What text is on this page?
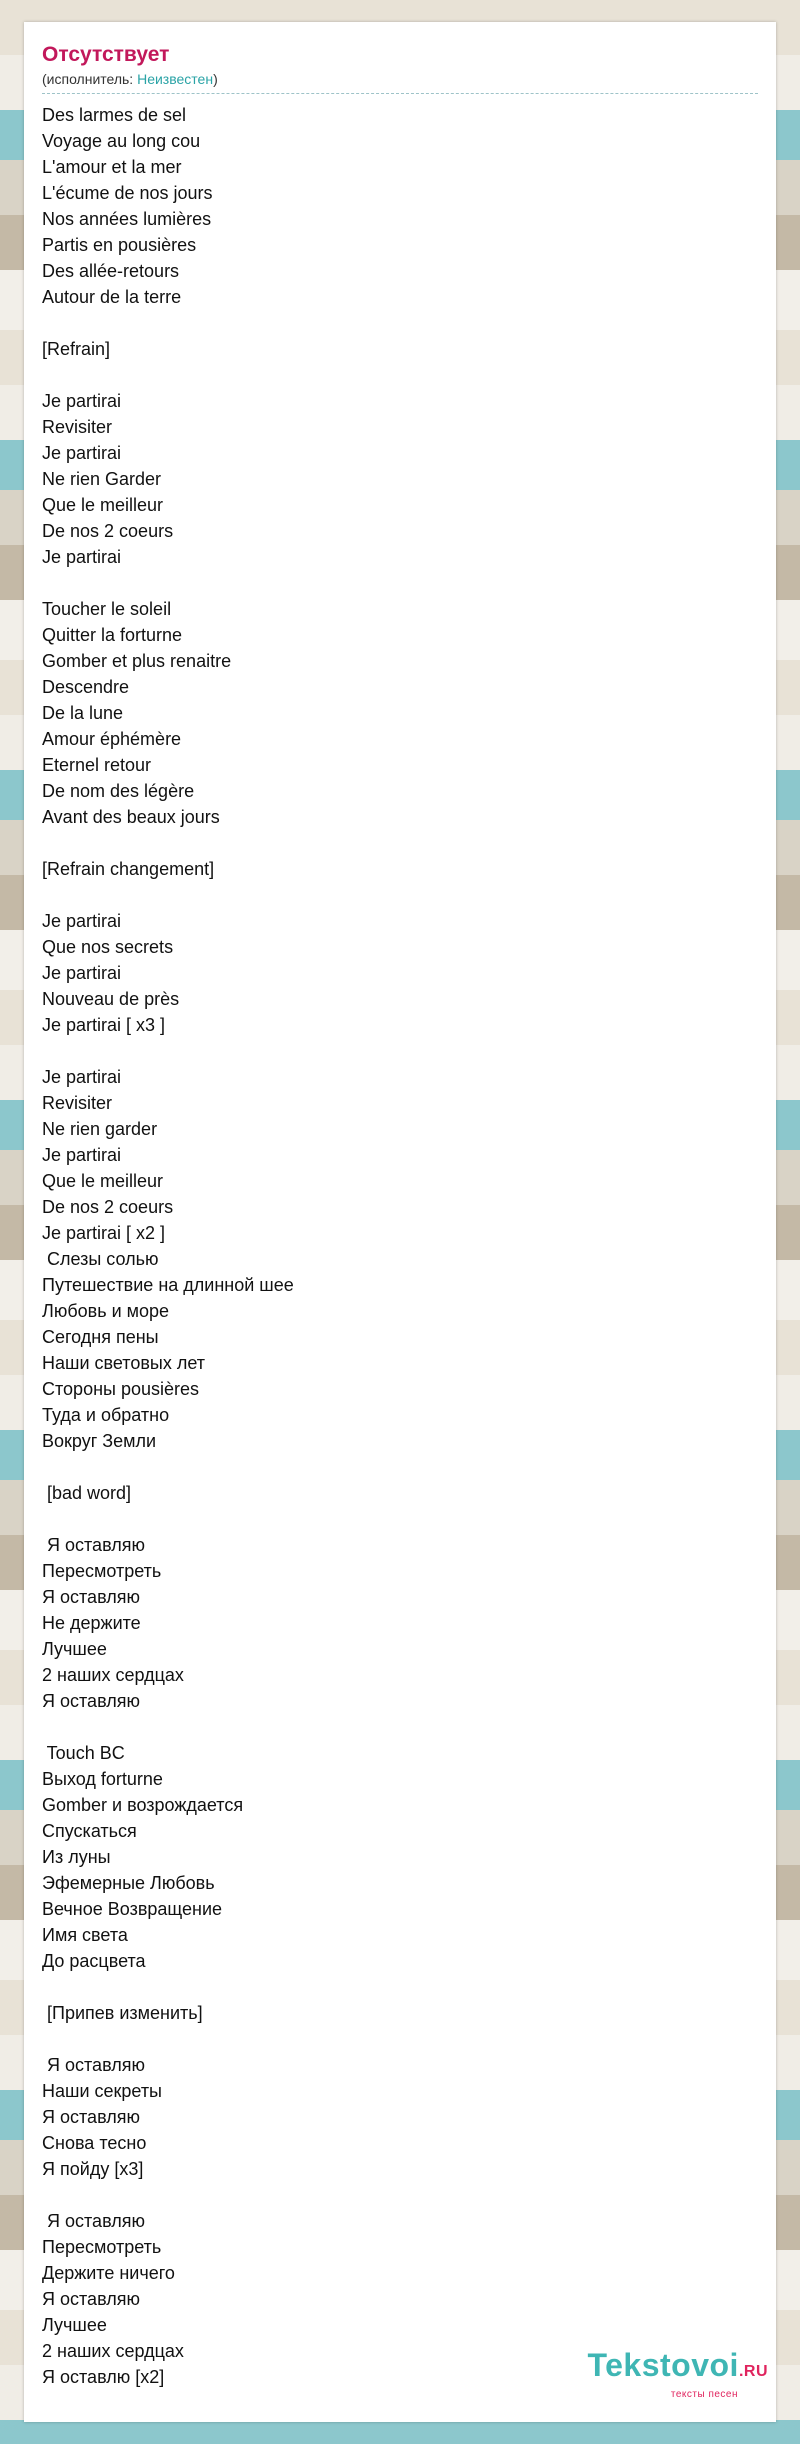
Отсутствует
(исполнитель: Неизвестен)
Des larmes de sel
Voyage au long cou
L'amour et la mer
L'écume de nos jours
Nos années lumières
Partis en pousières
Des allée-retours
Autour de la terre
[Refrain]
Je partirai
Revisiter
Je partirai
Ne rien Garder
Que le meilleur
De nos 2 coeurs
Je partirai
Toucher le soleil
Quitter la forturne
Gomber et plus renaitre
Descendre
De la lune
Amour éphémère
Eternel retour
De nom des légère
Avant des beaux jours
[Refrain changement]
Je partirai
Que nos secrets
Je partirai
Nouveau de près
Je partirai [ x3 ]
Je partirai
Revisiter
Ne rien garder
Je partirai
Que le meilleur
De nos 2 coeurs
Je partirai [ x2 ]
Слезы солью
Путешествие на длинной шее
Любовь и море
Сегодня пены
Наши световых лет
Стороны pousières
Туда и обратно
Вокруг Земли
[bad word]
Я оставляю
Пересмотреть
Я оставляю
Не держите
Лучшее
2 наших сердцах
Я оставляю
Touch BC
Выход forturne
Gomber и возрождается
Спускаться
Из луны
Эфемерные Любовь
Вечное Возвращение
Имя света
До расцвета
[Припев изменить]
Я оставляю
Наши секреты
Я оставляю
Снова тесно
Я пойду [x3]
Я оставляю
Пересмотреть
Держите ничего
Я оставляю
Лучшее
2 наших сердцах
Я оставлю [x2]	Tekstovoi.RU
тексты песен
